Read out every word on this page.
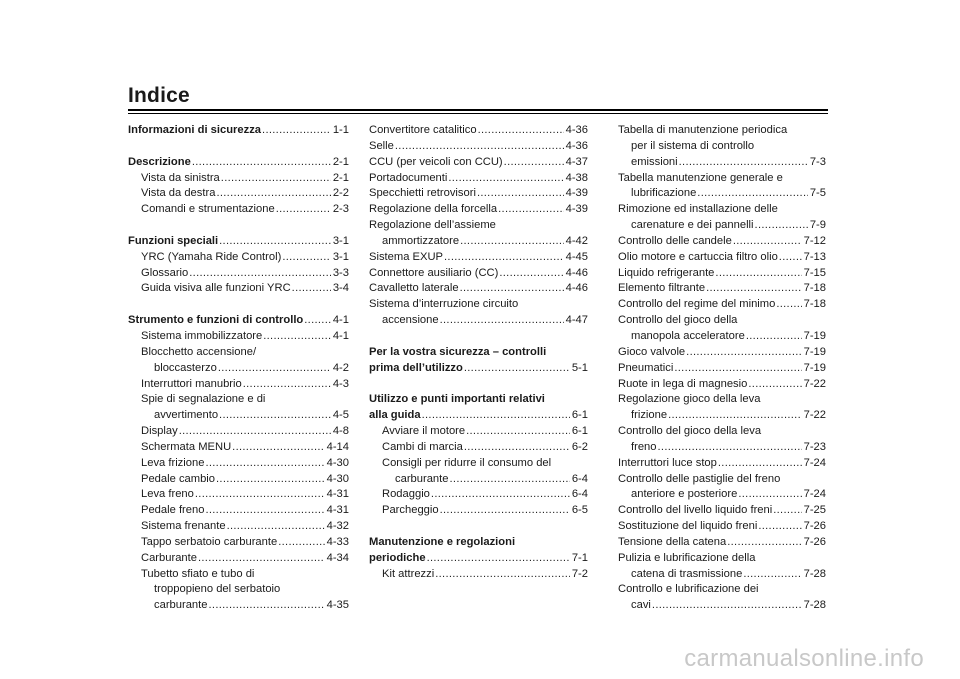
Indice
Informazioni di sicurezza .....	1-1
Descrizione .....	2-1
Vista da sinistra .....	2-1
Vista da destra .....	2-2
Comandi e strumentazione .....	2-3
Funzioni speciali .....	3-1
YRC (Yamaha Ride Control) .....	3-1
Glossario .....	3-3
Guida visiva alle funzioni YRC .....	3-4
Strumento e funzioni di controllo .....	4-1
Sistema immobilizzatore .....	4-1
Blocchetto accensione/
bloccasterzo .....	4-2
Interruttori manubrio .....	4-3
Spie di segnalazione e di
avvertimento .....	4-5
Display .....	4-8
Schermata MENU .....	4-14
Leva frizione .....	4-30
Pedale cambio .....	4-30
Leva freno .....	4-31
Pedale freno .....	4-31
Sistema frenante .....	4-32
Tappo serbatoio carburante .....	4-33
Carburante .....	4-34
Tubetto sfiato e tubo di
troppopieno del serbatoio
carburante .....	4-35
Convertitore catalitico .....	4-36
Selle .....	4-36
CCU (per veicoli con CCU) .....	4-37
Portadocumenti .....	4-38
Specchietti retrovisori .....	4-39
Regolazione della forcella .....	4-39
Regolazione dell’assieme
ammortizzatore .....	4-42
Sistema EXUP .....	4-45
Connettore ausiliario (CC) .....	4-46
Cavalletto laterale .....	4-46
Sistema d’interruzione circuito
accensione .....	4-47
Per la vostra sicurezza – controlli
prima dell’utilizzo .....	5-1
Utilizzo e punti importanti relativi
alla guida .....	6-1
Avviare il motore .....	6-1
Cambi di marcia .....	6-2
Consigli per ridurre il consumo del
carburante .....	6-4
Rodaggio .....	6-4
Parcheggio .....	6-5
Manutenzione e regolazioni
periodiche .....	7-1
Kit attrezzi .....	7-2
Tabella di manutenzione periodica
per il sistema di controllo
emissioni .....	7-3
Tabella manutenzione generale e
lubrificazione .....	7-5
Rimozione ed installazione delle
carenature e dei pannelli .....	7-9
Controllo delle candele .....	7-12
Olio motore e cartuccia filtro olio ..... 7-13
Liquido refrigerante .....	7-15
Elemento filtrante .....	7-18
Controllo del regime del minimo .....	7-18
Controllo del gioco della
manopola acceleratore .....	7-19
Gioco valvole .....	7-19
Pneumatici .....	7-19
Ruote in lega di magnesio .....	7-22
Regolazione gioco della leva
frizione .....	7-22
Controllo del gioco della leva
freno .....	7-23
Interruttori luce stop .....	7-24
Controllo delle pastiglie del freno
anteriore e posteriore .....	7-24
Controllo del livello liquido freni .....	7-25
Sostituzione del liquido freni .....	7-26
Tensione della catena .....	7-26
Pulizia e lubrificazione della
catena di trasmissione .....	7-28
Controllo e lubrificazione dei
cavi .....	7-28
carmanualsonline.info
